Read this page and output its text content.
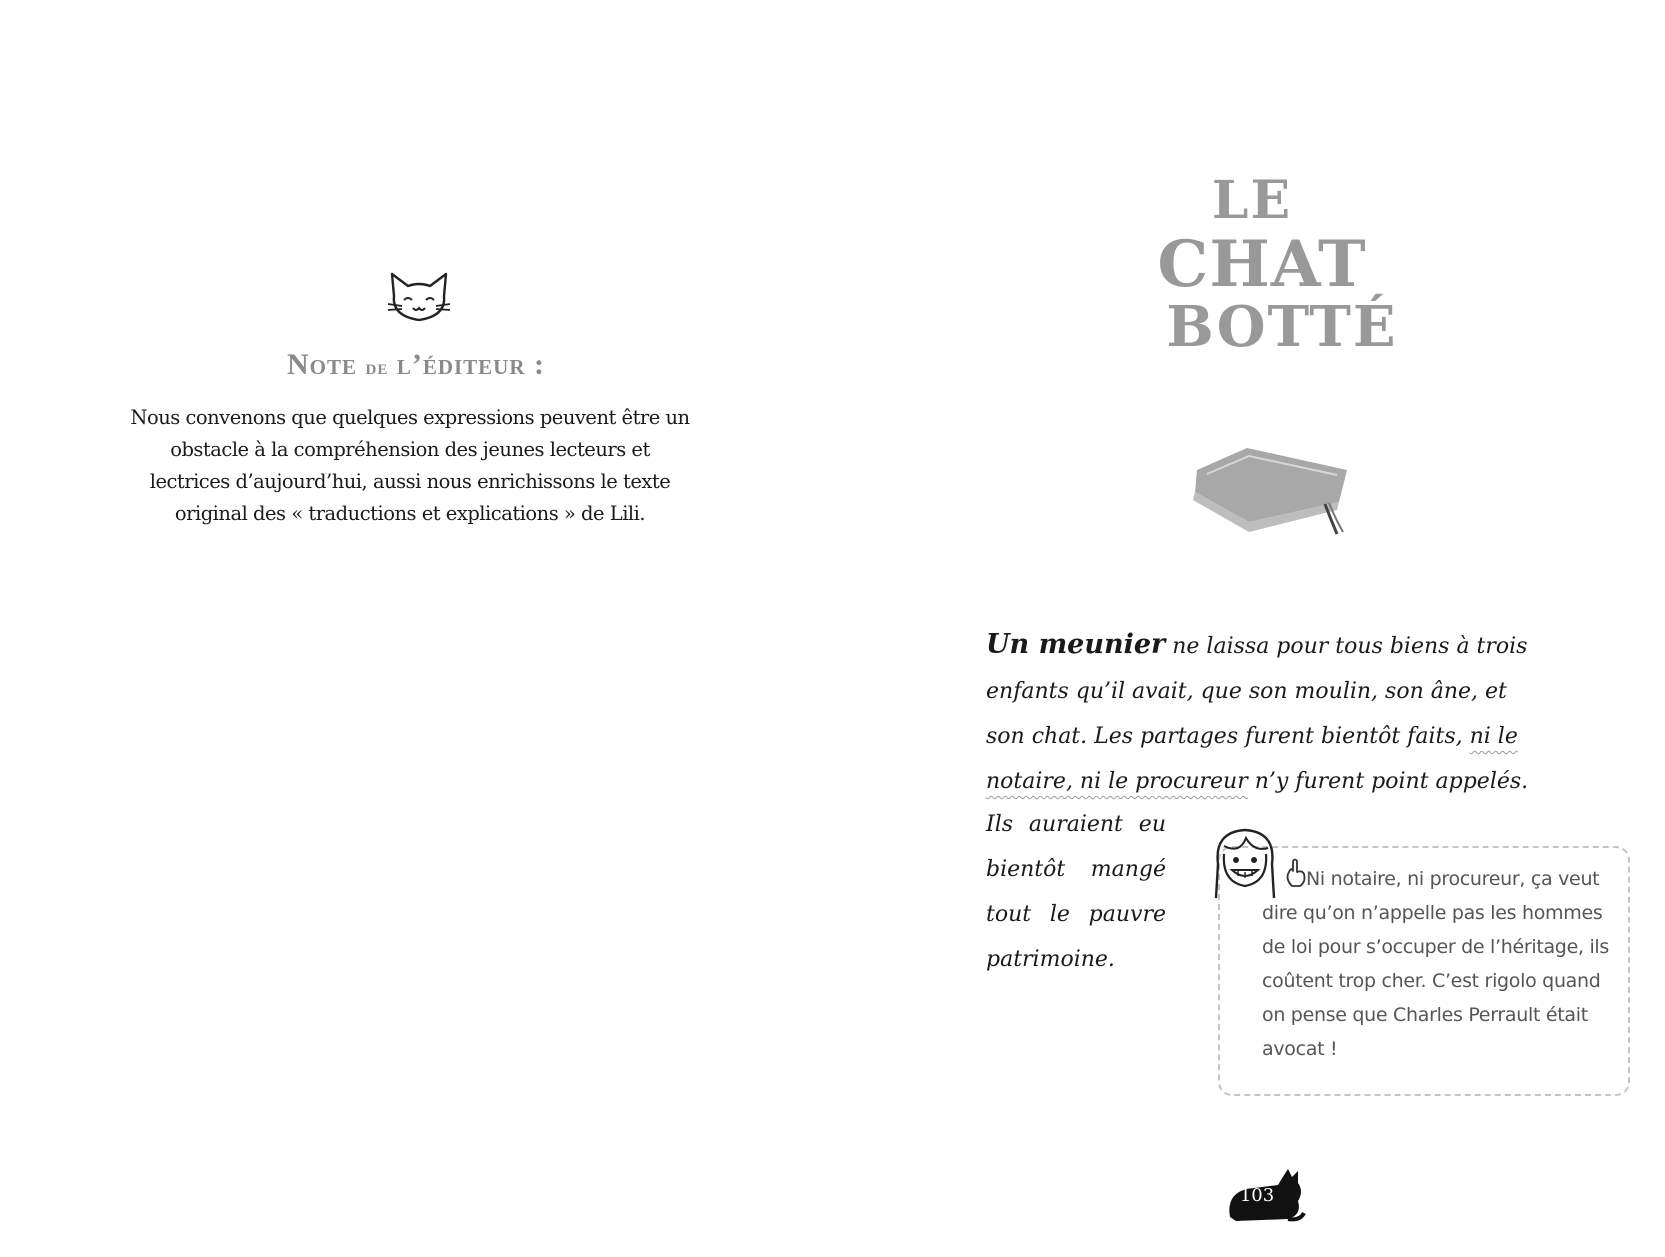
Note de l’éditeur :

Nous convenons que quelques expressions peuvent être un obstacle à la compréhension des jeunes lecteurs et lectrices d’aujourd’hui, aussi nous enrichissons le texte original des « traductions et explications » de Lili.

LE
CHAT
BOTTÉ
Un meunier ne laissa pour tous biens à trois
enfants qu’il avait, que son moulin, son âne, et
son chat. Les partages furent bientôt faits, ni le
notaire, ni le procureur n’y furent point appelés.
Ils auraient eu
bientôt mangé
tout le pauvre
patrimoine.

Ni notaire, ni procureur, ça veut dire qu’on n’appelle pas les hommes de loi pour s’occuper de l’héritage, ils coûtent trop cher. C’est rigolo quand on pense que Charles Perrault était avocat !

103
